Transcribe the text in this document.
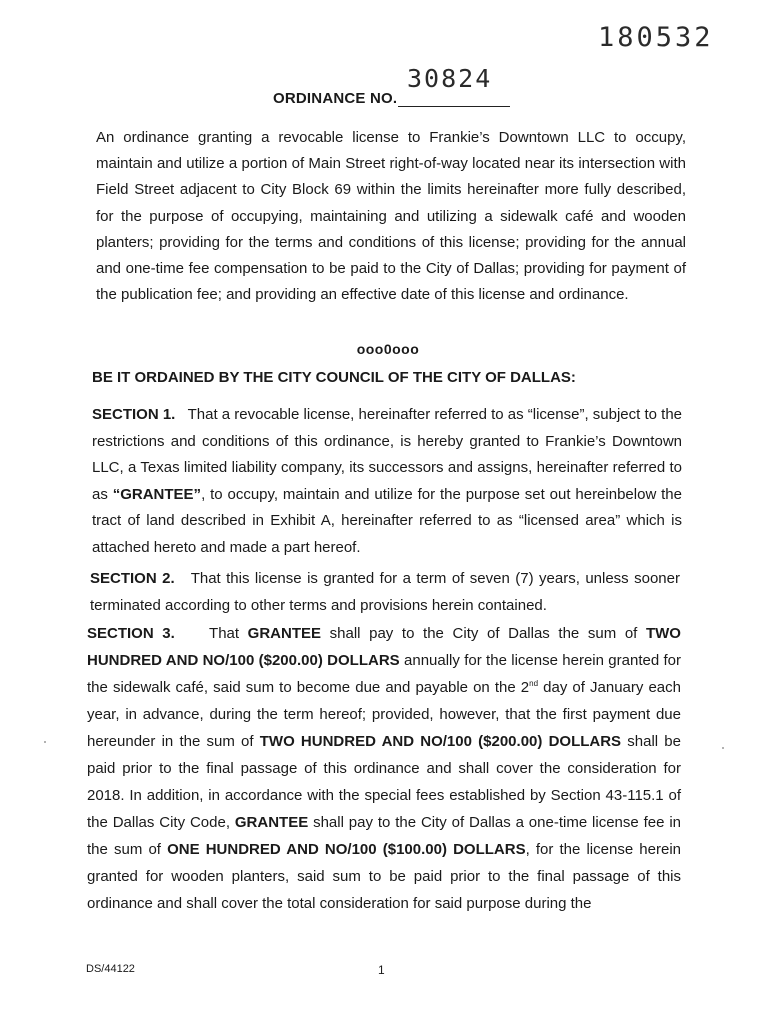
180532
30824
ORDINANCE NO.
An ordinance granting a revocable license to Frankie’s Downtown LLC to occupy, maintain and utilize a portion of Main Street right-of-way located near its intersection with Field Street adjacent to City Block 69 within the limits hereinafter more fully described, for the purpose of occupying, maintaining and utilizing a sidewalk café and wooden planters; providing for the terms and conditions of this license; providing for the annual and one-time fee compensation to be paid to the City of Dallas; providing for payment of the publication fee; and providing an effective date of this license and ordinance.
ooo0ooo
BE IT ORDAINED BY THE CITY COUNCIL OF THE CITY OF DALLAS:
SECTION 1. That a revocable license, hereinafter referred to as “license”, subject to the restrictions and conditions of this ordinance, is hereby granted to Frankie’s Downtown LLC, a Texas limited liability company, its successors and assigns, hereinafter referred to as “GRANTEE”, to occupy, maintain and utilize for the purpose set out hereinbelow the tract of land described in Exhibit A, hereinafter referred to as “licensed area” which is attached hereto and made a part hereof.
SECTION 2. That this license is granted for a term of seven (7) years, unless sooner terminated according to other terms and provisions herein contained.
SECTION 3. That GRANTEE shall pay to the City of Dallas the sum of TWO HUNDRED AND NO/100 ($200.00) DOLLARS annually for the license herein granted for the sidewalk café, said sum to become due and payable on the 2nd day of January each year, in advance, during the term hereof; provided, however, that the first payment due hereunder in the sum of TWO HUNDRED AND NO/100 ($200.00) DOLLARS shall be paid prior to the final passage of this ordinance and shall cover the consideration for 2018. In addition, in accordance with the special fees established by Section 43-115.1 of the Dallas City Code, GRANTEE shall pay to the City of Dallas a one-time license fee in the sum of ONE HUNDRED AND NO/100 ($100.00) DOLLARS, for the license herein granted for wooden planters, said sum to be paid prior to the final passage of this ordinance and shall cover the total consideration for said purpose during the
DS/44122	1
